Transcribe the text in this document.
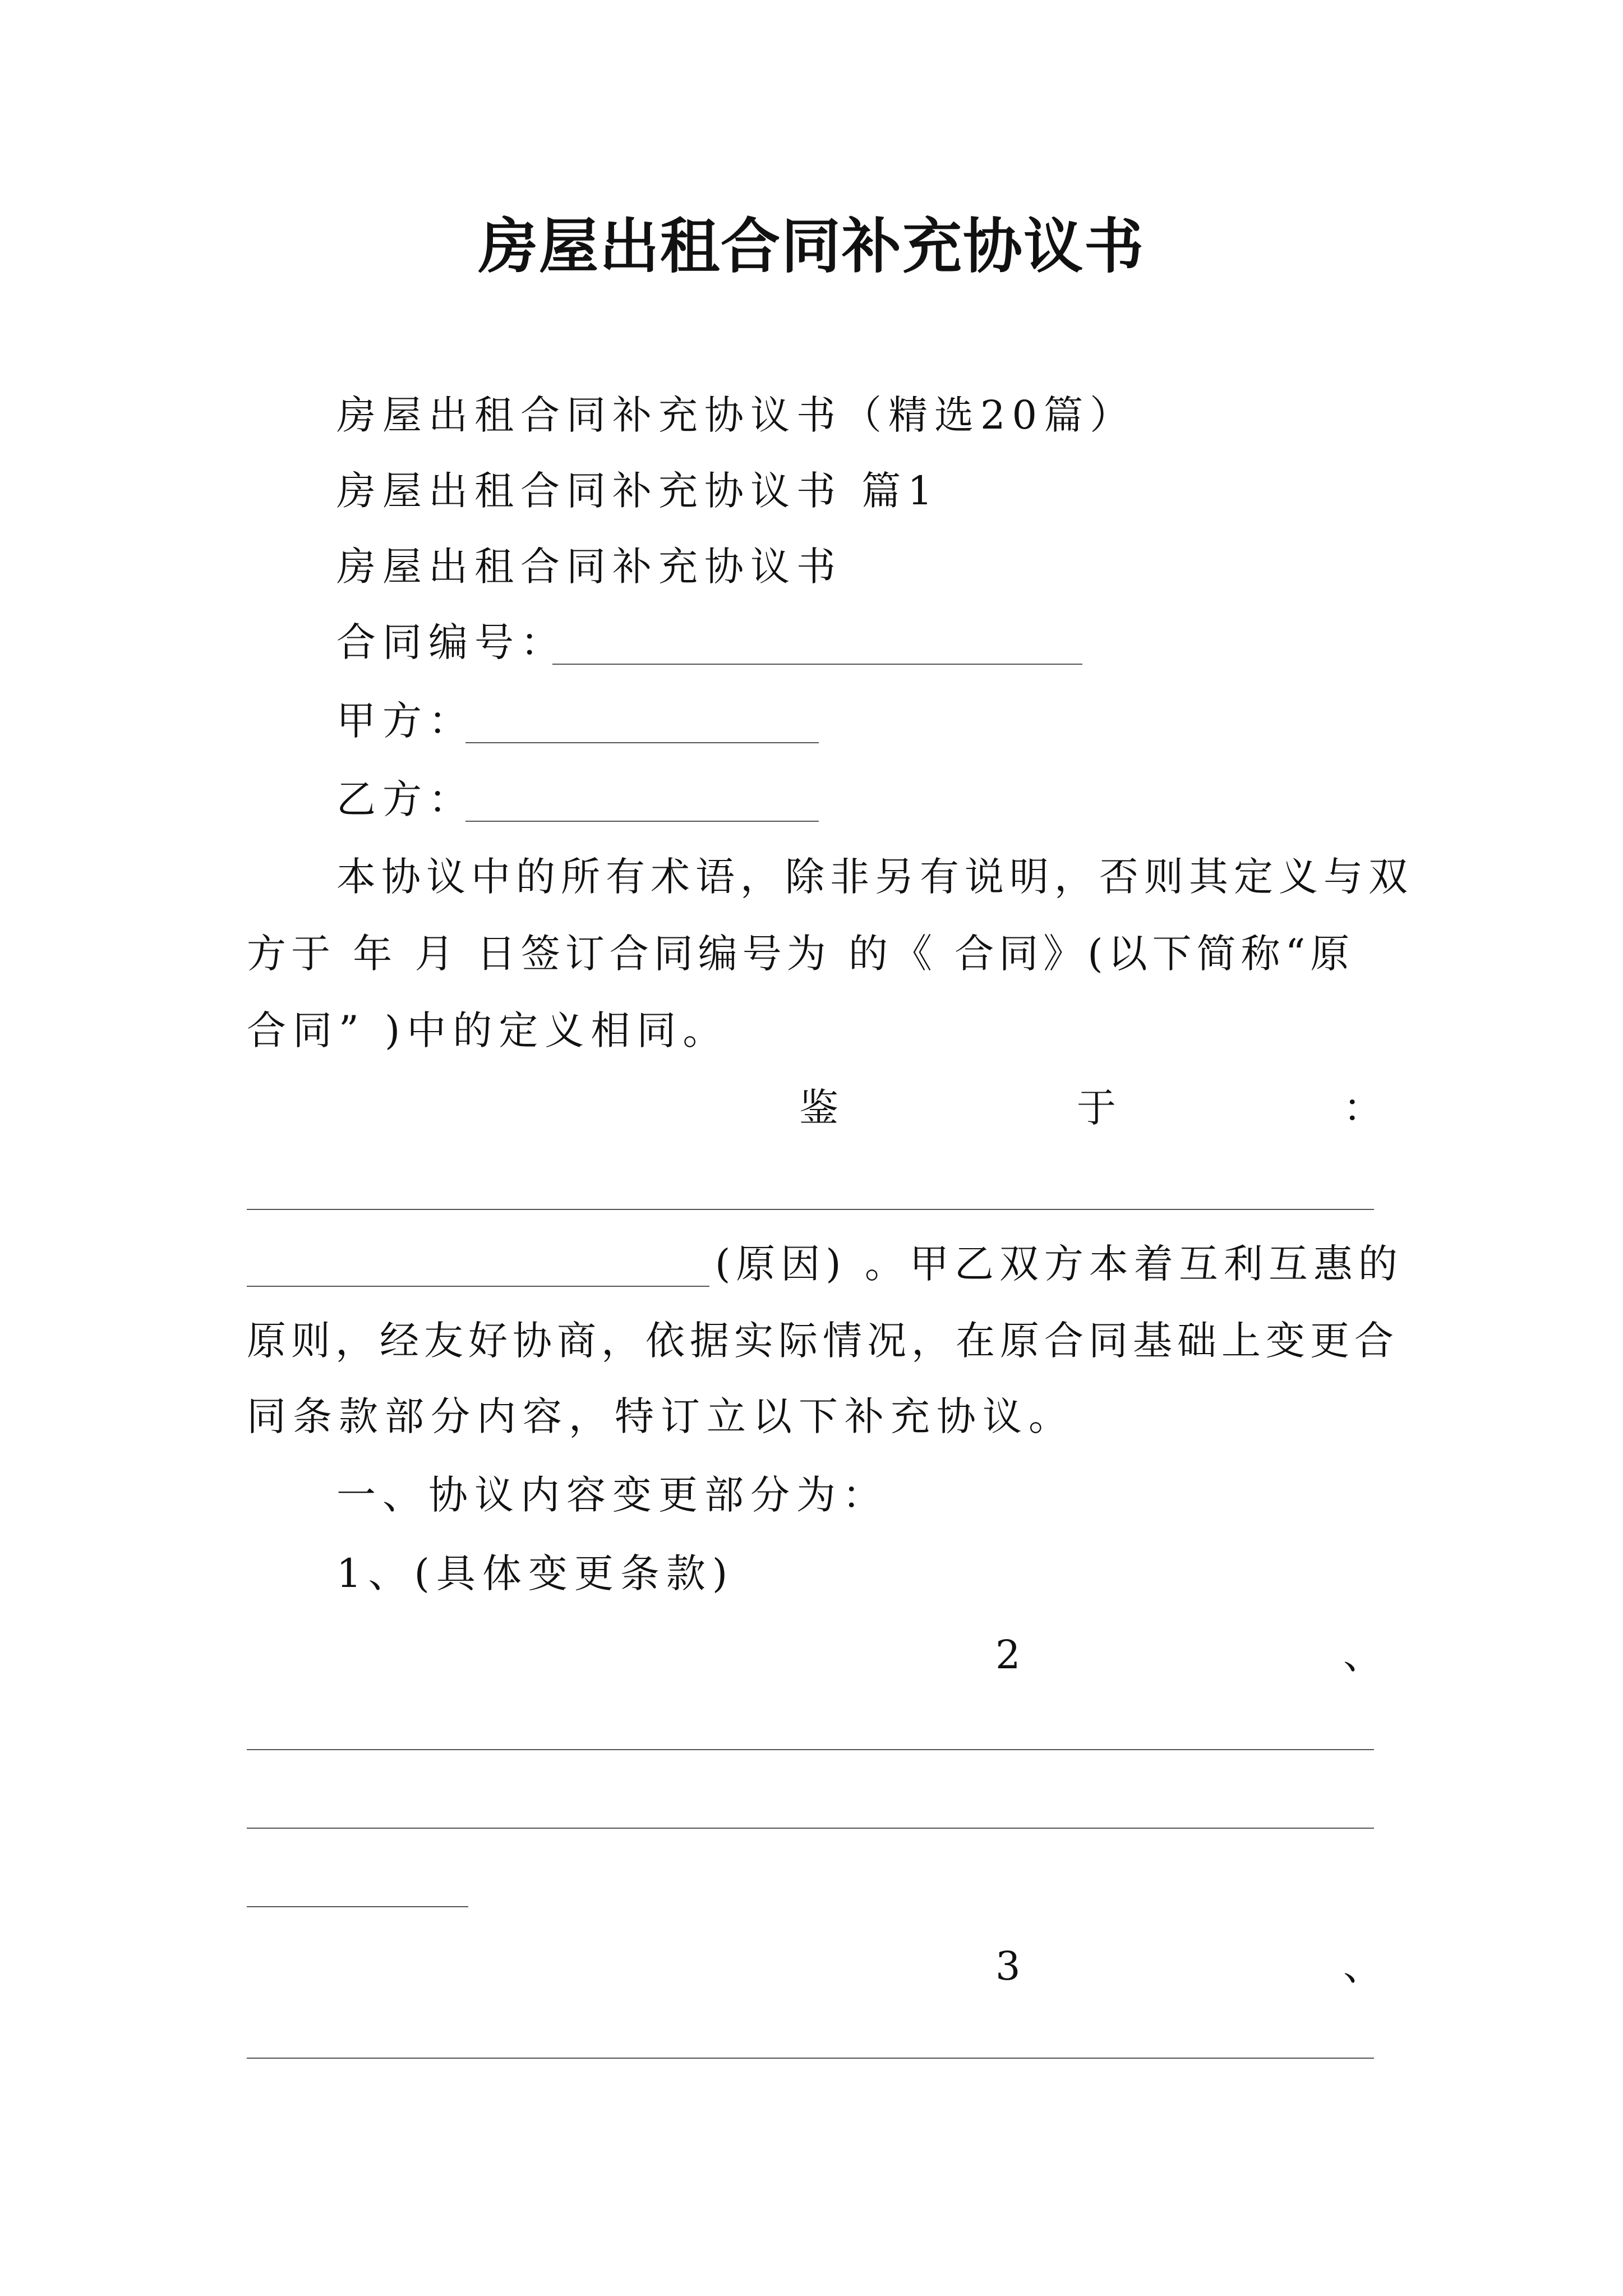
房屋出租合同补充协议书
房屋出租合同补充协议书（精选20篇）
房屋出租合同补充协议书 篇1
房屋出租合同补充协议书
合同编号：
甲方：
乙方：
本协议中的所有术语，除非另有说明，否则其定义与双
方于 年 月 日签订合同编号为 的《 合同》(以下简称“原
合同” )中的定义相同。
鉴	于	：
(原因) 。甲乙双方本着互利互惠的
原则，经友好协商，依据实际情况，在原合同基础上变更合
同条款部分内容，特订立以下补充协议。
一、协议内容变更部分为：
1、(具体变更条款)
2	、
3	、
